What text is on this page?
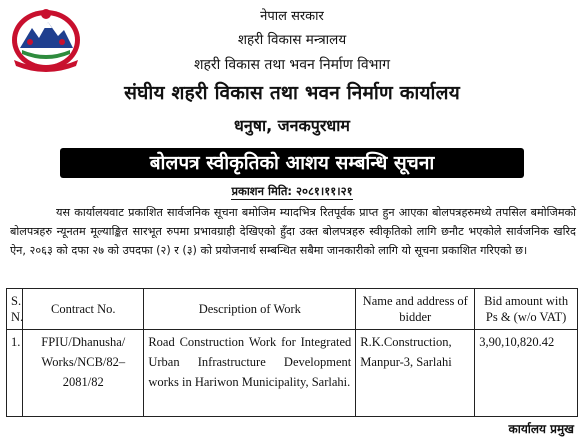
नेपाल सरकार
शहरी विकास मन्त्रालय
शहरी विकास तथा भवन निर्माण विभाग
संघीय शहरी विकास तथा भवन निर्माण कार्यालय
धनुषा, जनकपुरधाम
बोलपत्र स्वीकृतिको आशय सम्बन्धि सूचना
प्रकाशन मिति: २०८१।११।२१

यस कार्यालयवाट प्रकाशित सार्वजनिक सूचना बमोजिम म्यादभित्र रितपूर्वक प्राप्त हुन आएका बोलपत्रहरुमध्ये तपसिल बमोजिमको बोलपत्रहरु न्यूनतम मूल्याङ्कित सारभूत रुपमा प्रभावग्राही देखिएको हुँदा उक्त बोलपत्रहरु स्वीकृतिको लागि छनौट भएकोले सार्वजनिक खरिद ऐन, २०६३ को दफा २७ को उपदफा (२) र (३) को प्रयोजनार्थ सम्बन्धित सबैमा जानकारीको लागि यो सूचना प्रकाशित गरिएको छ।

S. N.	Contract No.	Description of Work	Name and address of bidder	Bid amount with Ps & (w/o VAT)
1.	FPIU/Dhanusha/ Works/NCB/82– 2081/82	Road Construction Work for Integrated Urban Infrastructure Development works in Hariwon Municipality, Sarlahi.	R.K.Construction, Manpur-3, Sarlahi	3,90,10,820.42
कार्यालय प्रमुख
